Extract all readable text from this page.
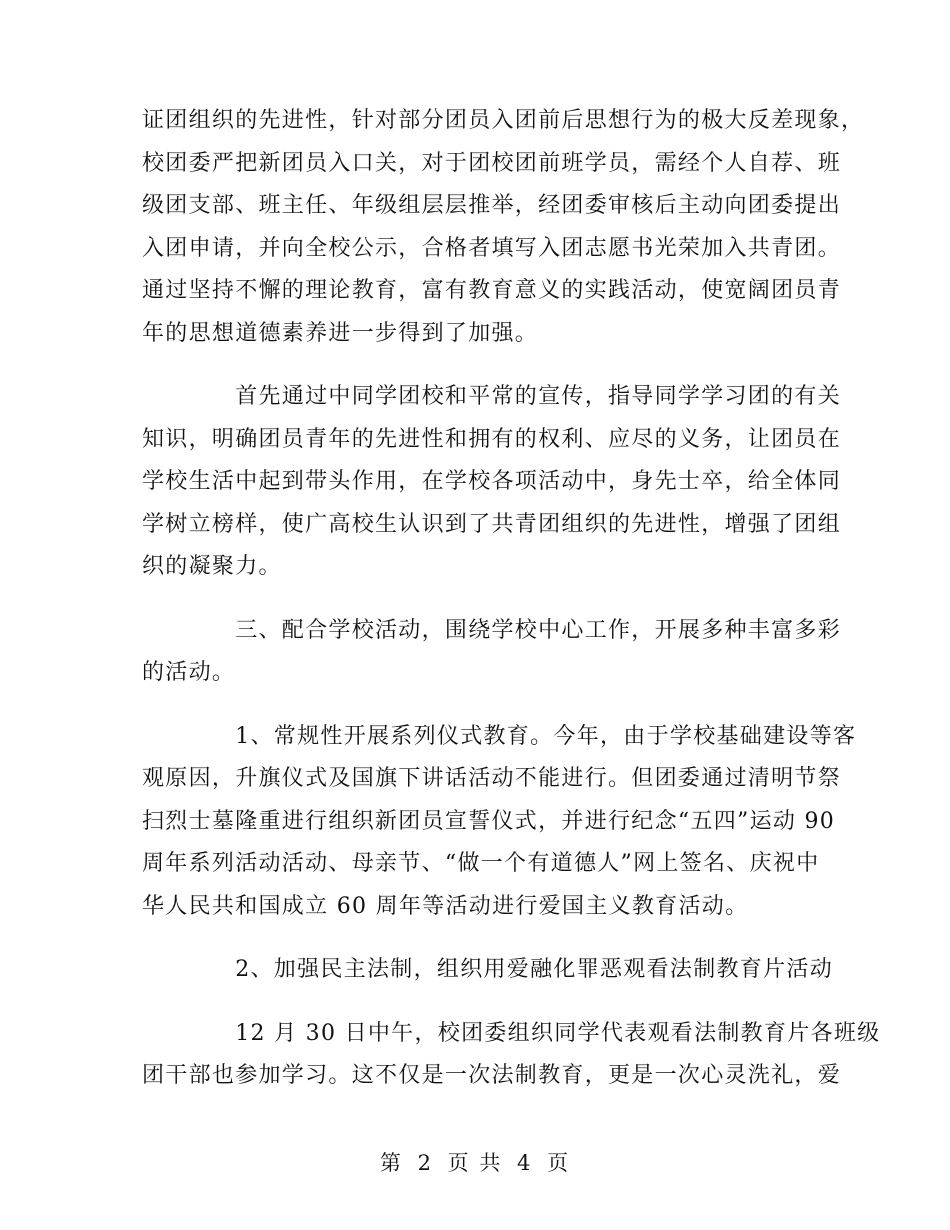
证团组织的先进性，针对部分团员入团前后思想行为的极大反差现象，
校团委严把新团员入口关，对于团校团前班学员，需经个人自荐、班
级团支部、班主任、年级组层层推举，经团委审核后主动向团委提出
入团申请，并向全校公示，合格者填写入团志愿书光荣加入共青团。
通过坚持不懈的理论教育，富有教育意义的实践活动，使宽阔团员青
年的思想道德素养进一步得到了加强。

　　　　首先通过中同学团校和平常的宣传，指导同学学习团的有关
知识，明确团员青年的先进性和拥有的权利、应尽的义务，让团员在
学校生活中起到带头作用，在学校各项活动中，身先士卒，给全体同
学树立榜样，使广高校生认识到了共青团组织的先进性，增强了团组
织的凝聚力。

　　　　三、配合学校活动，围绕学校中心工作，开展多种丰富多彩
的活动。

　　　　1、常规性开展系列仪式教育。今年，由于学校基础建设等客
观原因，升旗仪式及国旗下讲话活动不能进行。但团委通过清明节祭
扫烈士墓隆重进行组织新团员宣誓仪式，并进行纪念“五四”运动 90
周年系列活动活动、母亲节、“做一个有道德人”网上签名、庆祝中
华人民共和国成立 60 周年等活动进行爱国主义教育活动。

　　　　2、加强民主法制，组织用爱融化罪恶观看法制教育片活动

　　　　12 月 30 日中午，校团委组织同学代表观看法制教育片各班级
团干部也参加学习。这不仅是一次法制教育，更是一次心灵洗礼，爱

第 2 页 共 4 页
